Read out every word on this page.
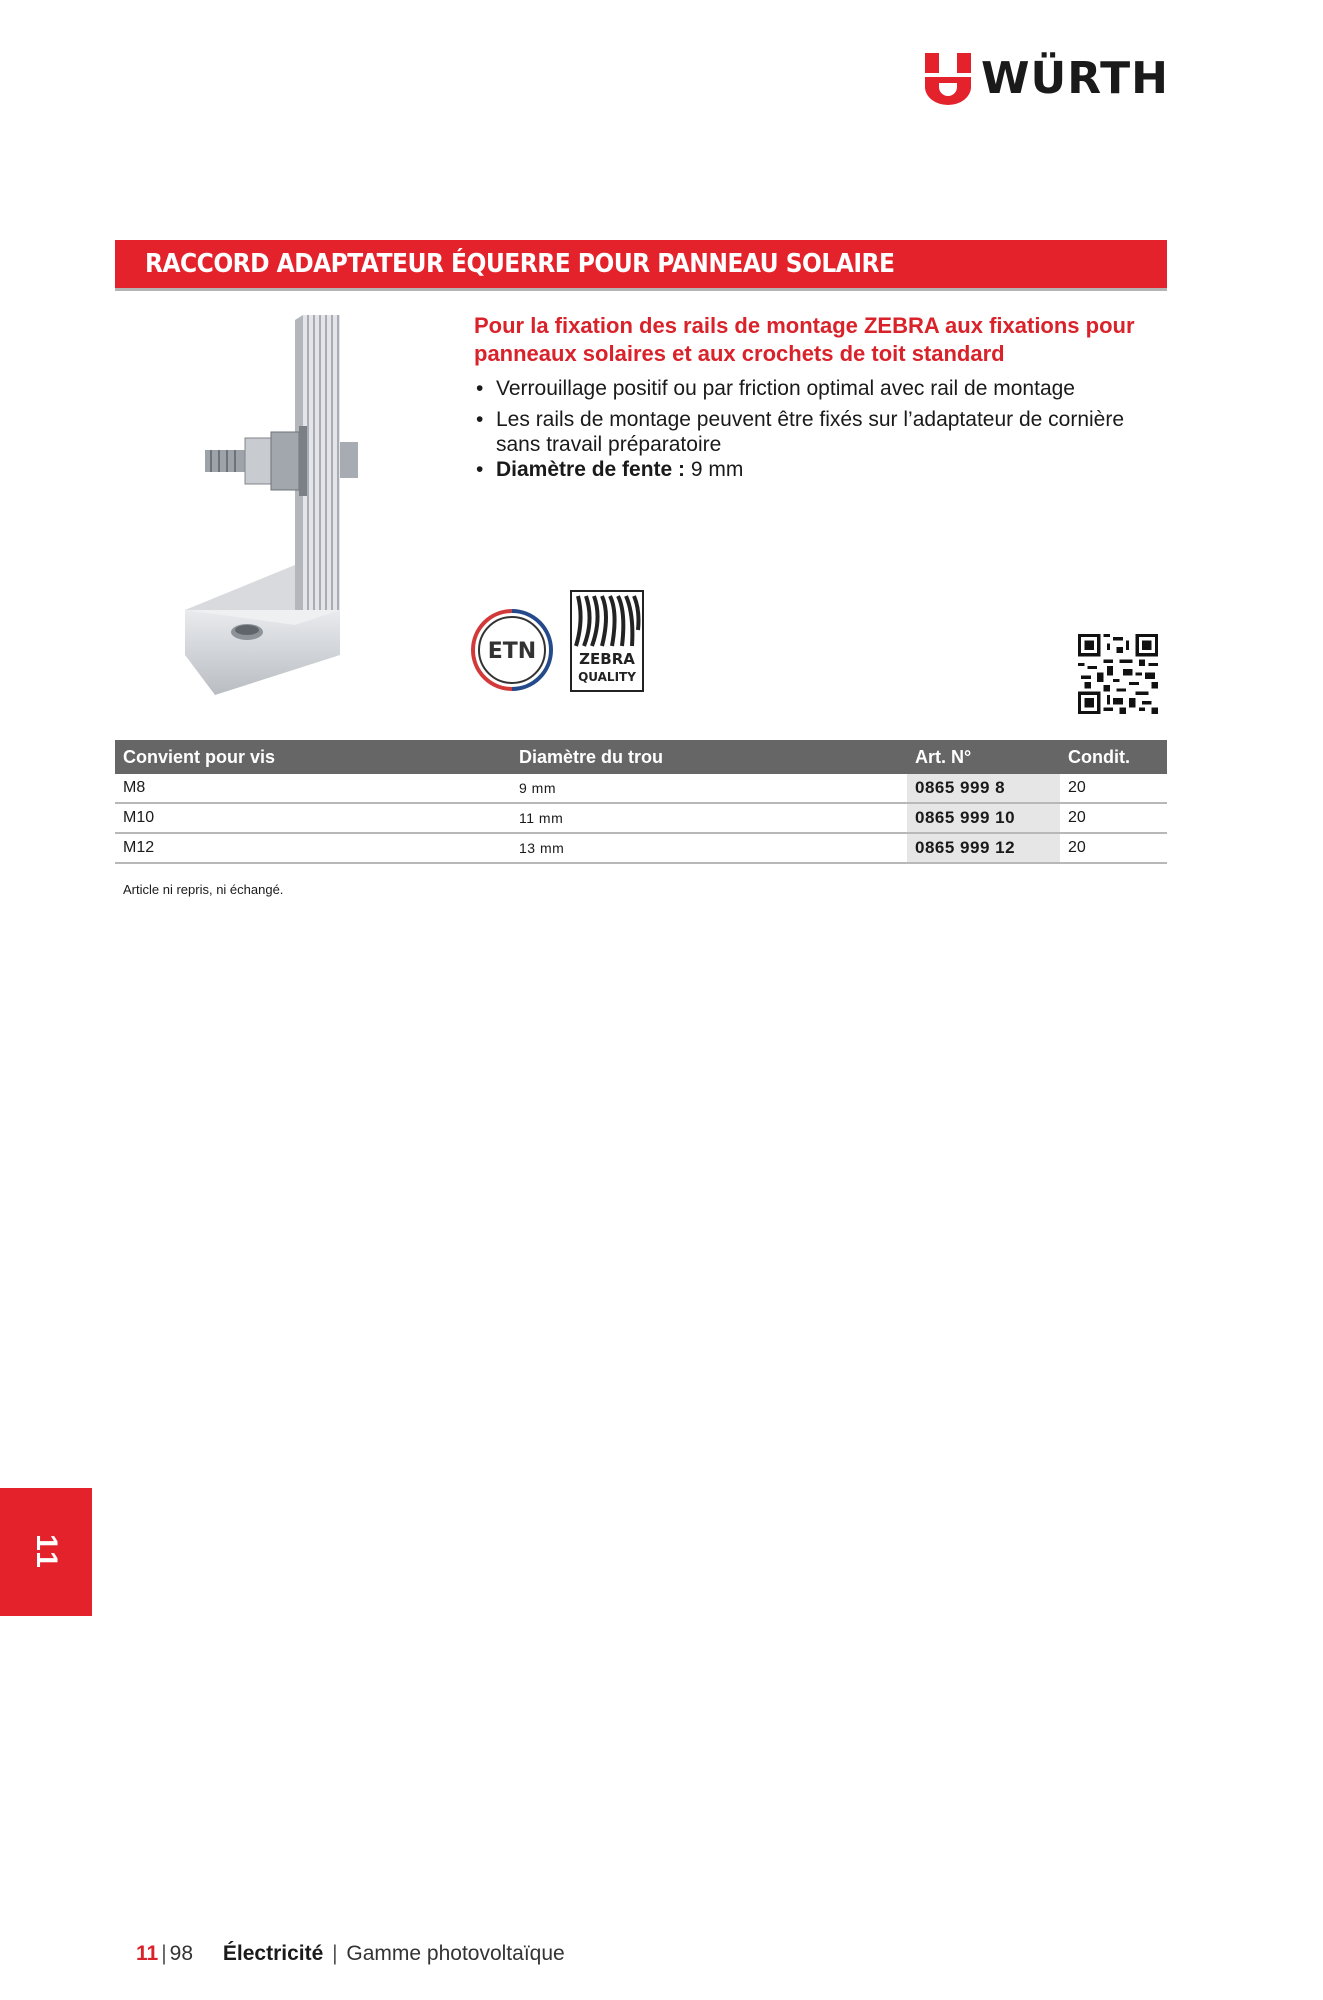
WÜRTH
RACCORD ADAPTATEUR ÉQUERRE POUR PANNEAU SOLAIRE

Pour la fixation des rails de montage ZEBRA aux fixations pour panneaux solaires et aux crochets de toit standard

• Verrouillage positif ou par friction optimal avec rail de montage
• Les rails de montage peuvent être fixés sur l’adaptateur de cornière sans travail préparatoire
• Diamètre de fente : 9 mm
ETN	ZEBRA
QUALITY
Convient pour vis	Diamètre du trou	Art. N°	Condit.
M8	9 mm	0865 999 8	20
M10	11 mm	0865 999 10	20
M12	13 mm	0865 999 12	20
Article ni repris, ni échangé.
11
11 | 98 Électricité | Gamme photovoltaïque
